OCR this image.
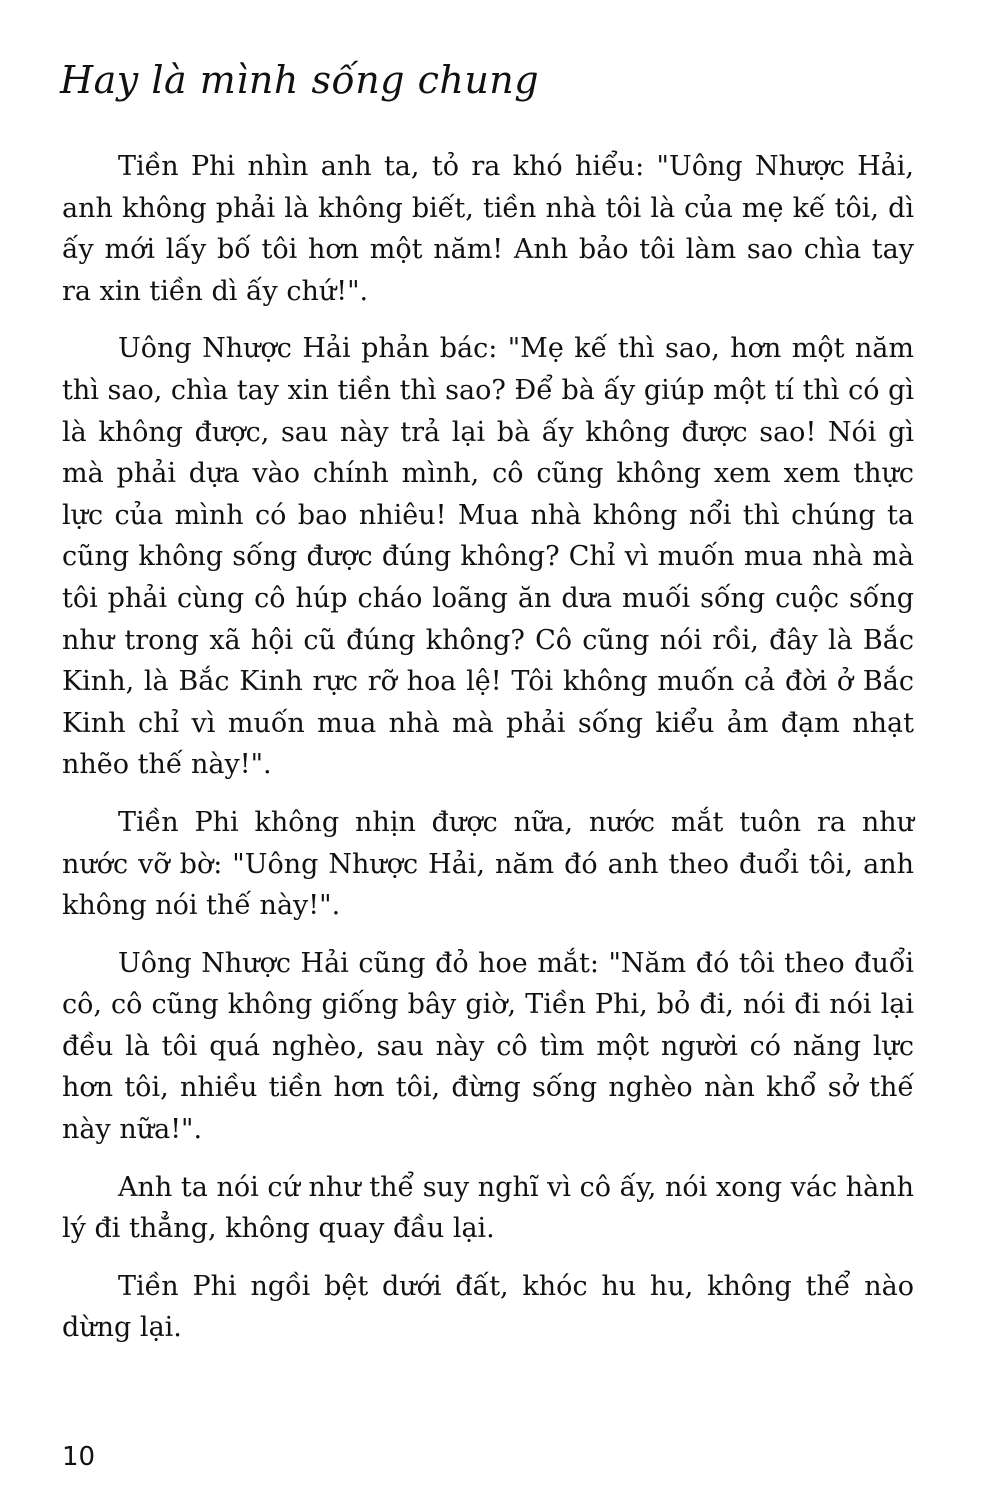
Hay là mình sống chung

Tiền Phi nhìn anh ta, tỏ ra khó hiểu: "Uông Nhược Hải, anh không phải là không biết, tiền nhà tôi là của mẹ kế tôi, dì ấy mới lấy bố tôi hơn một năm! Anh bảo tôi làm sao chìa tay ra xin tiền dì ấy chứ!".

Uông Nhược Hải phản bác: "Mẹ kế thì sao, hơn một năm thì sao, chìa tay xin tiền thì sao? Để bà ấy giúp một tí thì có gì là không được, sau này trả lại bà ấy không được sao! Nói gì mà phải dựa vào chính mình, cô cũng không xem xem thực lực của mình có bao nhiêu! Mua nhà không nổi thì chúng ta cũng không sống được đúng không? Chỉ vì muốn mua nhà mà tôi phải cùng cô húp cháo loãng ăn dưa muối sống cuộc sống như trong xã hội cũ đúng không? Cô cũng nói rồi, đây là Bắc Kinh, là Bắc Kinh rực rỡ hoa lệ! Tôi không muốn cả đời ở Bắc Kinh chỉ vì muốn mua nhà mà phải sống kiểu ảm đạm nhạt nhẽo thế này!".

Tiền Phi không nhịn được nữa, nước mắt tuôn ra như nước vỡ bờ: "Uông Nhược Hải, năm đó anh theo đuổi tôi, anh không nói thế này!".

Uông Nhược Hải cũng đỏ hoe mắt: "Năm đó tôi theo đuổi cô, cô cũng không giống bây giờ, Tiền Phi, bỏ đi, nói đi nói lại đều là tôi quá nghèo, sau này cô tìm một người có năng lực hơn tôi, nhiều tiền hơn tôi, đừng sống nghèo nàn khổ sở thế này nữa!".

Anh ta nói cứ như thể suy nghĩ vì cô ấy, nói xong vác hành lý đi thẳng, không quay đầu lại.

Tiền Phi ngồi bệt dưới đất, khóc hu hu, không thể nào dừng lại.

10
